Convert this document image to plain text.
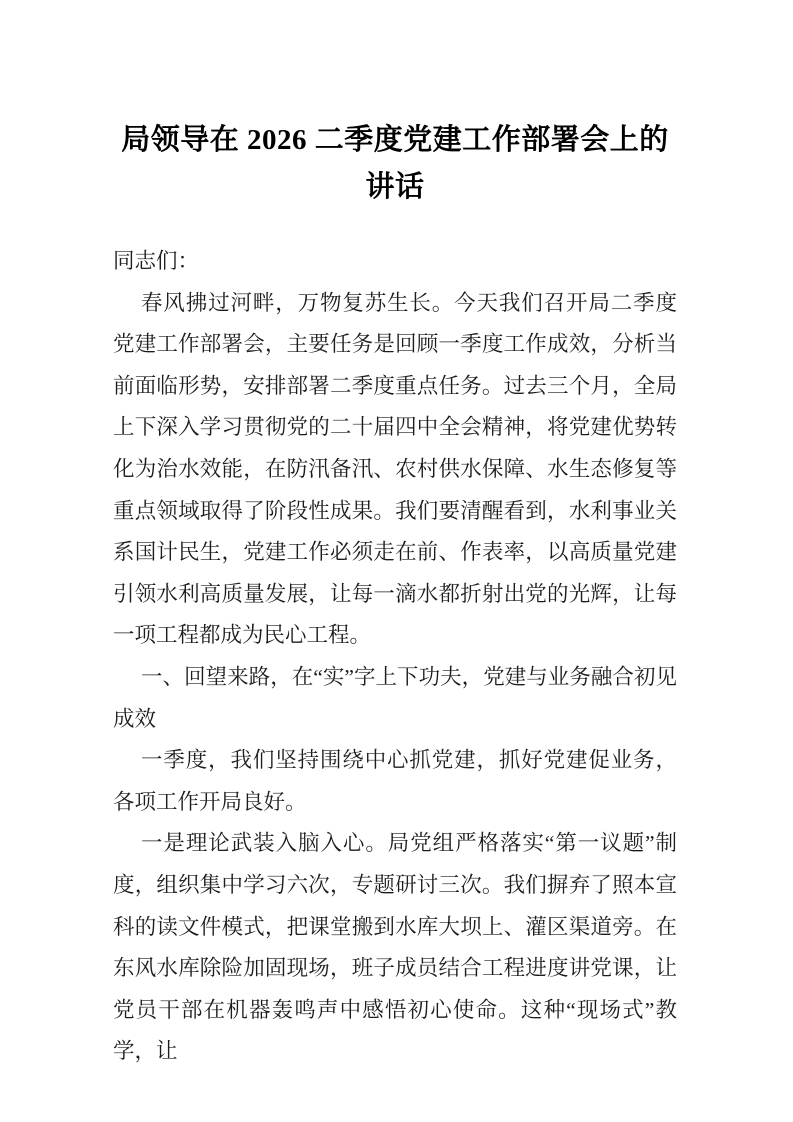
局领导在 2026 二季度党建工作部署会上的讲话

同志们：

春风拂过河畔，万物复苏生长。今天我们召开局二季度党建工作部署会，主要任务是回顾一季度工作成效，分析当前面临形势，安排部署二季度重点任务。过去三个月，全局上下深入学习贯彻党的二十届四中全会精神，将党建优势转化为治水效能，在防汛备汛、农村供水保障、水生态修复等重点领域取得了阶段性成果。我们要清醒看到，水利事业关系国计民生，党建工作必须走在前、作表率，以高质量党建引领水利高质量发展，让每一滴水都折射出党的光辉，让每一项工程都成为民心工程。

一、回望来路，在“实”字上下功夫，党建与业务融合初见成效

一季度，我们坚持围绕中心抓党建，抓好党建促业务，各项工作开局良好。

一是理论武装入脑入心。局党组严格落实“第一议题”制度，组织集中学习六次，专题研讨三次。我们摒弃了照本宣科的读文件模式，把课堂搬到水库大坝上、灌区渠道旁。在东风水库除险加固现场，班子成员结合工程进度讲党课，让党员干部在机器轰鸣声中感悟初心使命。这种“现场式”教学，让
